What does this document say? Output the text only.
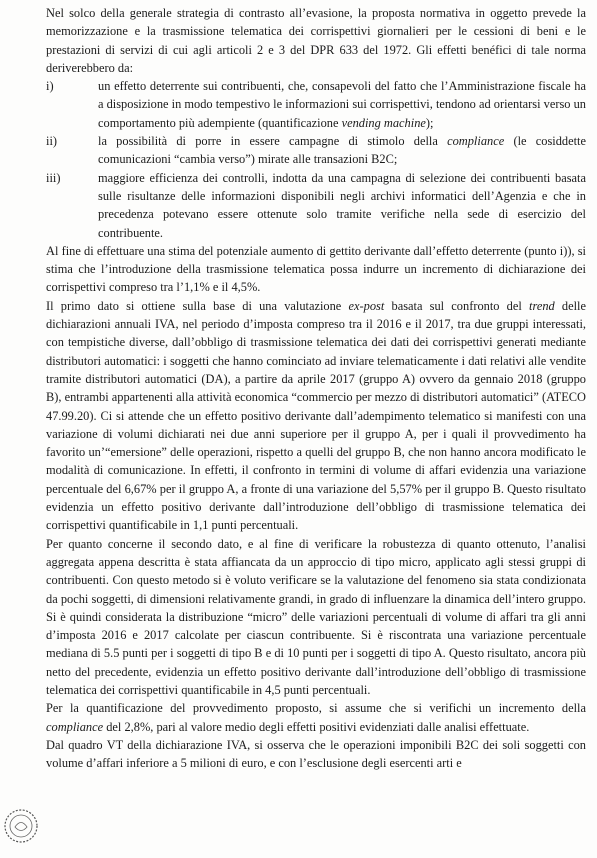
Nel solco della generale strategia di contrasto all’evasione, la proposta normativa in oggetto prevede la memorizzazione e la trasmissione telematica dei corrispettivi giornalieri per le cessioni di beni e le prestazioni di servizi di cui agli articoli 2 e 3 del DPR 633 del 1972. Gli effetti benéfici di tale norma deriverebbero da:

i)	un effetto deterrente sui contribuenti, che, consapevoli del fatto che l’Amministrazione fiscale ha a disposizione in modo tempestivo le informazioni sui corrispettivi, tendono ad orientarsi verso un comportamento più adempiente (quantificazione vending machine);
ii)	la possibilità di porre in essere campagne di stimolo della compliance (le cosiddette comunicazioni “cambia verso”) mirate alle transazioni B2C;
iii)	maggiore efficienza dei controlli, indotta da una campagna di selezione dei contribuenti basata sulle risultanze delle informazioni disponibili negli archivi informatici dell’Agenzia e che in precedenza potevano essere ottenute solo tramite verifiche nella sede di esercizio del contribuente.

Al fine di effettuare una stima del potenziale aumento di gettito derivante dall’effetto deterrente (punto i)), si stima che l’introduzione della trasmissione telematica possa indurre un incremento di dichiarazione dei corrispettivi compreso tra l’1,1% e il 4,5%.

Il primo dato si ottiene sulla base di una valutazione ex-post basata sul confronto del trend delle dichiarazioni annuali IVA, nel periodo d’imposta compreso tra il 2016 e il 2017, tra due gruppi interessati, con tempistiche diverse, dall’obbligo di trasmissione telematica dei dati dei corrispettivi generati mediante distributori automatici: i soggetti che hanno cominciato ad inviare telematicamente i dati relativi alle vendite tramite distributori automatici (DA), a partire da aprile 2017 (gruppo A) ovvero da gennaio 2018 (gruppo B), entrambi appartenenti alla attività economica “commercio per mezzo di distributori automatici” (ATECO 47.99.20). Ci si attende che un effetto positivo derivante dall’adempimento telematico si manifesti con una variazione di volumi dichiarati nei due anni superiore per il gruppo A, per i quali il provvedimento ha favorito un’“emersione” delle operazioni, rispetto a quelli del gruppo B, che non hanno ancora modificato le modalità di comunicazione. In effetti, il confronto in termini di volume di affari evidenzia una variazione percentuale del 6,67% per il gruppo A, a fronte di una variazione del 5,57% per il gruppo B. Questo risultato evidenzia un effetto positivo derivante dall’introduzione dell’obbligo di trasmissione telematica dei corrispettivi quantificabile in 1,1 punti percentuali.

Per quanto concerne il secondo dato, e al fine di verificare la robustezza di quanto ottenuto, l’analisi aggregata appena descritta è stata affiancata da un approccio di tipo micro, applicato agli stessi gruppi di contribuenti. Con questo metodo si è voluto verificare se la valutazione del fenomeno sia stata condizionata da pochi soggetti, di dimensioni relativamente grandi, in grado di influenzare la dinamica dell’intero gruppo. Si è quindi considerata la distribuzione “micro” delle variazioni percentuali di volume di affari tra gli anni d’imposta 2016 e 2017 calcolate per ciascun contribuente. Si è riscontrata una variazione percentuale mediana di 5.5 punti per i soggetti di tipo B e di 10 punti per i soggetti di tipo A. Questo risultato, ancora più netto del precedente, evidenzia un effetto positivo derivante dall’introduzione dell’obbligo di trasmissione telematica dei corrispettivi quantificabile in 4,5 punti percentuali.

Per la quantificazione del provvedimento proposto, si assume che si verifichi un incremento della compliance del 2,8%, pari al valore medio degli effetti positivi evidenziati dalle analisi effettuate.

Dal quadro VT della dichiarazione IVA, si osserva che le operazioni imponibili B2C dei soli soggetti con volume d’affari inferiore a 5 milioni di euro, e con l’esclusione degli esercenti arti e
